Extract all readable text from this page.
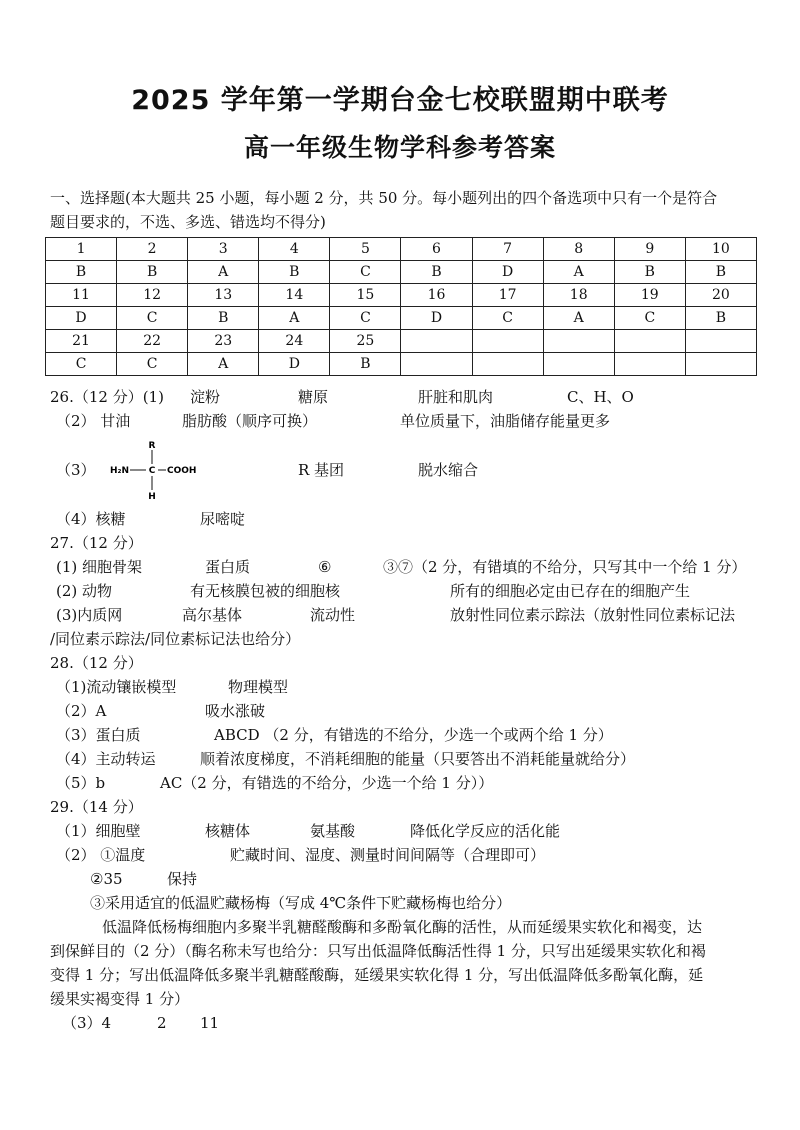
2025 学年第一学期台金七校联盟期中联考
高一年级生物学科参考答案
一、选择题(本大题共 25 小题，每小题 2 分，共 50 分。每小题列出的四个备选项中只有一个是符合
题目要求的，不选、多选、错选均不得分)
1	2	3	4	5	6	7	8	9	10
B	B	A	B	C	B	D	A	B	B
11	12	13	14	15	16	17	18	19	20
D	C	B	A	C	D	C	A	C	B
21	22	23	24	25					
C	C	A	D	B					
26.（12 分）(1) 淀粉	糖原	肝脏和肌肉	C、H、O
（2） 甘油	脂肪酸（顺序可换）	单位质量下，油脂储存能量更多
（3）
R
H₂N C COOH
H
R 基团	脱水缩合
（4）核糖	尿嘧啶
27.（12 分）
(1) 细胞骨架	蛋白质	⑥	③⑦（2 分，有错填的不给分，只写其中一个给 1 分）
(2) 动物	有无核膜包被的细胞核	所有的细胞必定由已存在的细胞产生
(3)内质网	高尔基体	流动性	放射性同位素示踪法（放射性同位素标记法
/同位素示踪法/同位素标记法也给分）
28.（12 分）
（1)流动镶嵌模型	物理模型
（2）A	吸水涨破
（3）蛋白质	ABCD （2 分，有错选的不给分，少选一个或两个给 1 分）
（4）主动转运	顺着浓度梯度，不消耗细胞的能量（只要答出不消耗能量就给分）
（5）b	AC（2 分，有错选的不给分，少选一个给 1 分））
29.（14 分）
（1）细胞壁	核糖体	氨基酸	降低化学反应的活化能
（2） ①温度	贮藏时间、湿度、测量时间间隔等（合理即可）
②35	保持
③采用适宜的低温贮藏杨梅（写成 4℃条件下贮藏杨梅也给分）
低温降低杨梅细胞内多聚半乳糖醛酸酶和多酚氧化酶的活性，从而延缓果实软化和褐变，达
到保鲜目的（2 分）（酶名称未写也给分：只写出低温降低酶活性得 1 分，只写出延缓果实软化和褐
变得 1 分；写出低温降低多聚半乳糖醛酸酶，延缓果实软化得 1 分，写出低温降低多酚氧化酶，延
缓果实褐变得 1 分）
（3）4	2 11
